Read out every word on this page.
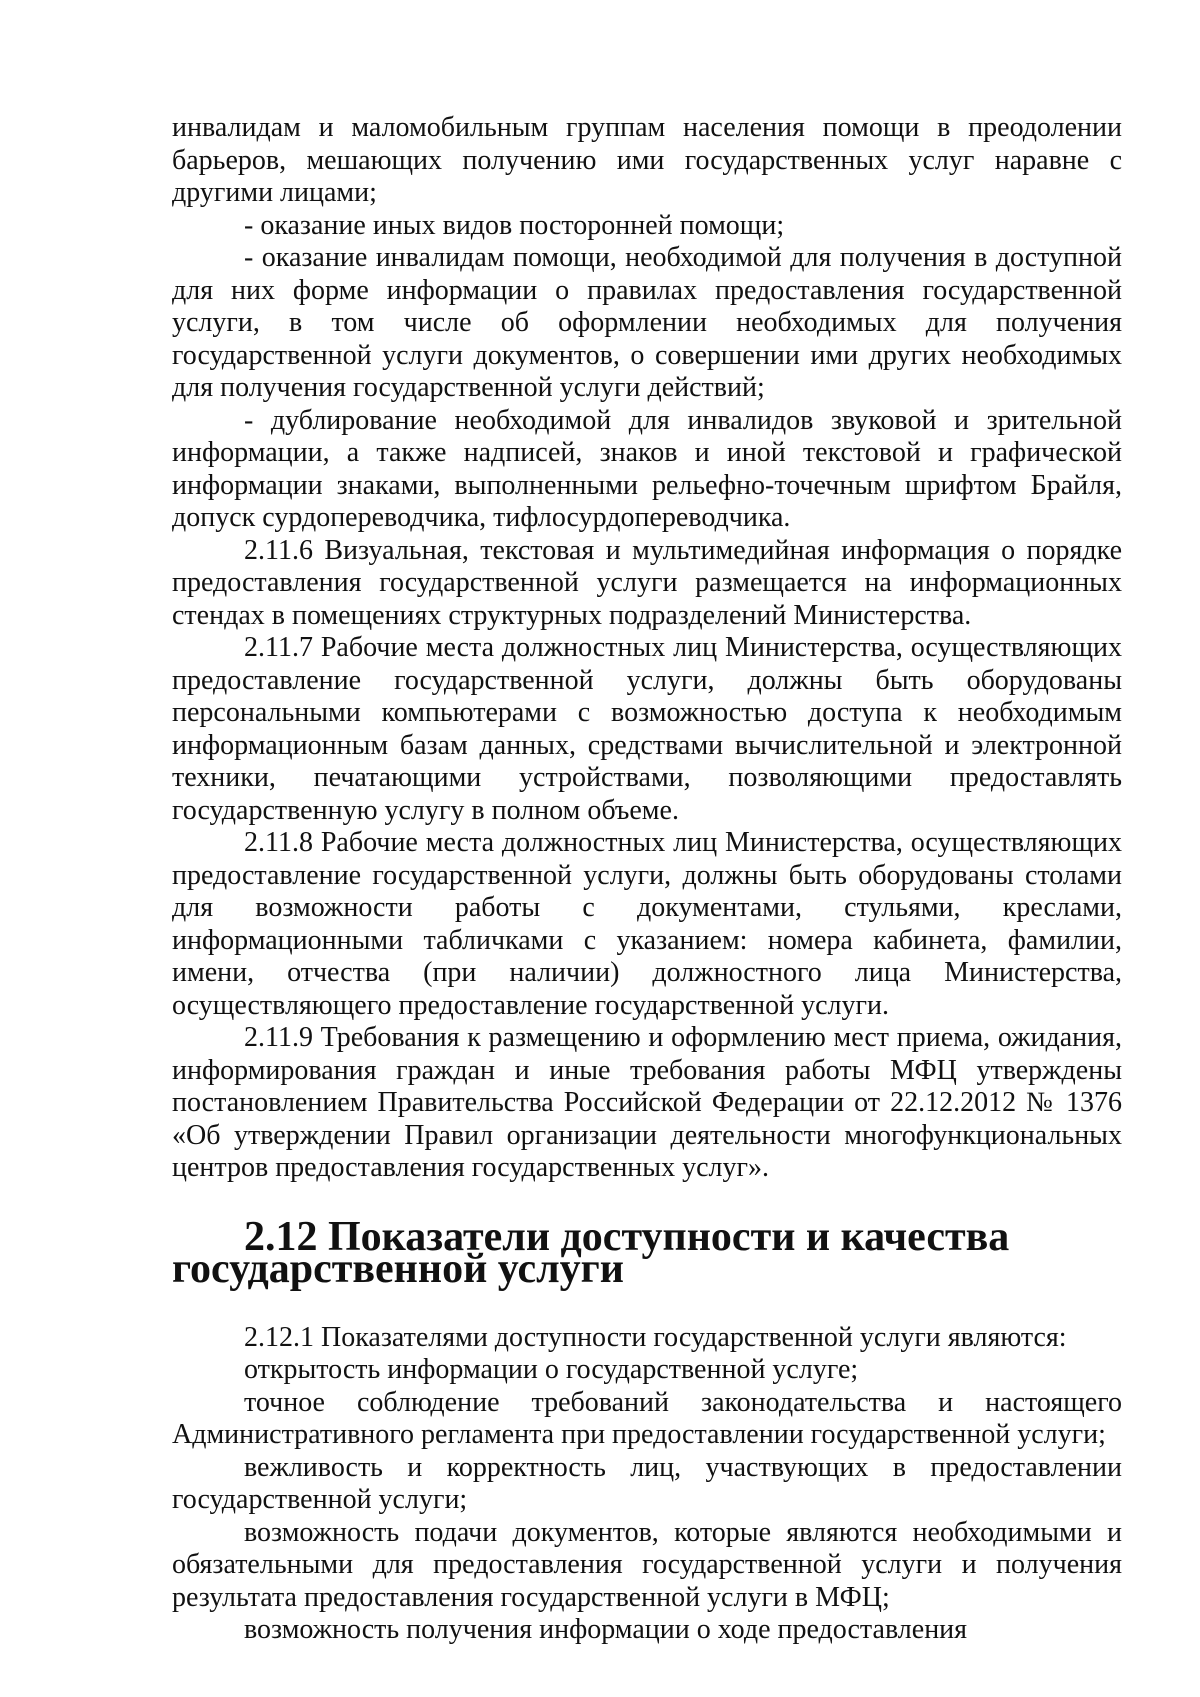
инвалидам и маломобильным группам населения помощи в преодолении барьеров, мешающих получению ими государственных услуг наравне с другими лицами;

- оказание иных видов посторонней помощи;

- оказание инвалидам помощи, необходимой для получения в доступной для них форме информации о правилах предоставления государственной услуги, в том числе об оформлении необходимых для получения государственной услуги документов, о совершении ими других необходимых для получения государственной услуги действий;

- дублирование необходимой для инвалидов звуковой и зрительной информации, а также надписей, знаков и иной текстовой и графической информации знаками, выполненными рельефно-точечным шрифтом Брайля, допуск сурдопереводчика, тифлосурдопереводчика.

2.11.6 Визуальная, текстовая и мультимедийная информация о порядке предоставления государственной услуги размещается на информационных стендах в помещениях структурных подразделений Министерства.

2.11.7 Рабочие места должностных лиц Министерства, осуществляющих предоставление государственной услуги, должны быть оборудованы персональными компьютерами с возможностью доступа к необходимым информационным базам данных, средствами вычислительной и электронной техники, печатающими устройствами, позволяющими предоставлять государственную услугу в полном объеме.

2.11.8 Рабочие места должностных лиц Министерства, осуществляющих предоставление государственной услуги, должны быть оборудованы столами для возможности работы с документами, стульями, креслами, информационными табличками с указанием: номера кабинета, фамилии, имени, отчества (при наличии) должностного лица Министерства, осуществляющего предоставление государственной услуги.

2.11.9 Требования к размещению и оформлению мест приема, ожидания, информирования граждан и иные требования работы МФЦ утверждены постановлением Правительства Российской Федерации от 22.12.2012 № 1376 «Об утверждении Правил организации деятельности многофункциональных центров предоставления государственных услуг».

2.12 Показатели доступности и качества государственной услуги

2.12.1 Показателями доступности государственной услуги являются:

открытость информации о государственной услуге;

точное соблюдение требований законодательства и настоящего Административного регламента при предоставлении государственной услуги;

вежливость и корректность лиц, участвующих в предоставлении государственной услуги;

возможность подачи документов, которые являются необходимыми и обязательными для предоставления государственной услуги и получения результата предоставления государственной услуги в МФЦ;

возможность получения информации о ходе предоставления
